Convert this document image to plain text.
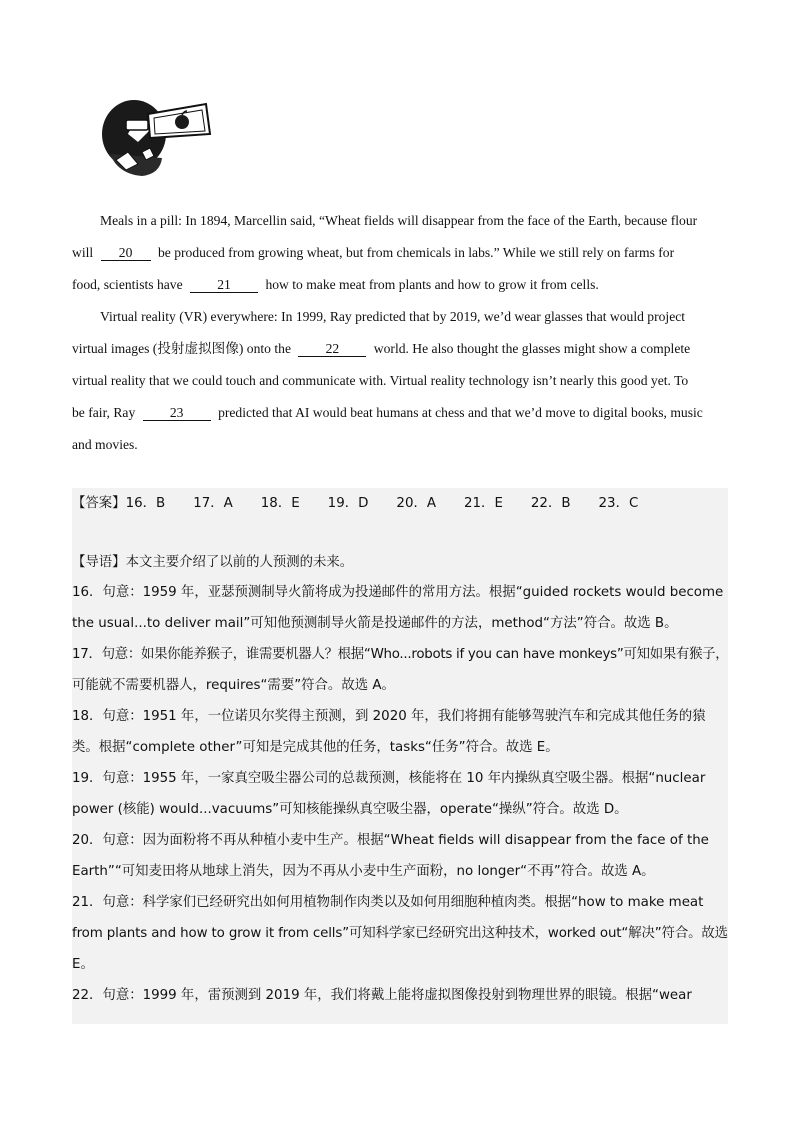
Meals in a pill: In 1894, Marcellin said, “Wheat fields will disappear from the face of the Earth, because flour
will 20 be produced from growing wheat, but from chemicals in labs.” While we still rely on farms for
food, scientists have	21	how to make meat from plants and how to grow it from cells.
Virtual reality (VR) everywhere: In 1999, Ray predicted that by 2019, we’d wear glasses that would project
virtual images (投射虚拟图像) onto the	22	world. He also thought the glasses might show a complete
virtual reality that we could touch and communicate with. Virtual reality technology isn’t nearly this good yet. To
be fair, Ray	23	predicted that AI would beat humans at chess and that we’d move to digital books, music
and movies.
【答案】16．B 17．A 18．E 19．D 20．A 21．E 22．B 23．C
【导语】本文主要介绍了以前的人预测的未来。
16．句意：1959 年，亚瑟预测制导火箭将成为投递邮件的常用方法。根据“guided rockets would become
the usual...to deliver mail”可知他预测制导火箭是投递邮件的方法，method“方法”符合。故选 B。
17．句意：如果你能养猴子，谁需要机器人？根据“Who...robots if you can have monkeys”可知如果有猴子，
可能就不需要机器人，requires“需要”符合。故选 A。
18．句意：1951 年，一位诺贝尔奖得主预测，到 2020 年，我们将拥有能够驾驶汽车和完成其他任务的猿
类。根据“complete other”可知是完成其他的任务，tasks“任务”符合。故选 E。
19．句意：1955 年，一家真空吸尘器公司的总裁预测，核能将在 10 年内操纵真空吸尘器。根据“nuclear
power (核能) would...vacuums”可知核能操纵真空吸尘器，operate“操纵”符合。故选 D。
20．句意：因为面粉将不再从种植小麦中生产。根据“Wheat fields will disappear from the face of the
Earth”“可知麦田将从地球上消失，因为不再从小麦中生产面粉，no longer“不再”符合。故选 A。
21．句意：科学家们已经研究出如何用植物制作肉类以及如何用细胞种植肉类。根据“how to make meat
from plants and how to grow it from cells”可知科学家已经研究出这种技术，worked out“解决”符合。故选
E。
22．句意：1999 年，雷预测到 2019 年，我们将戴上能将虚拟图像投射到物理世界的眼镜。根据“wear
